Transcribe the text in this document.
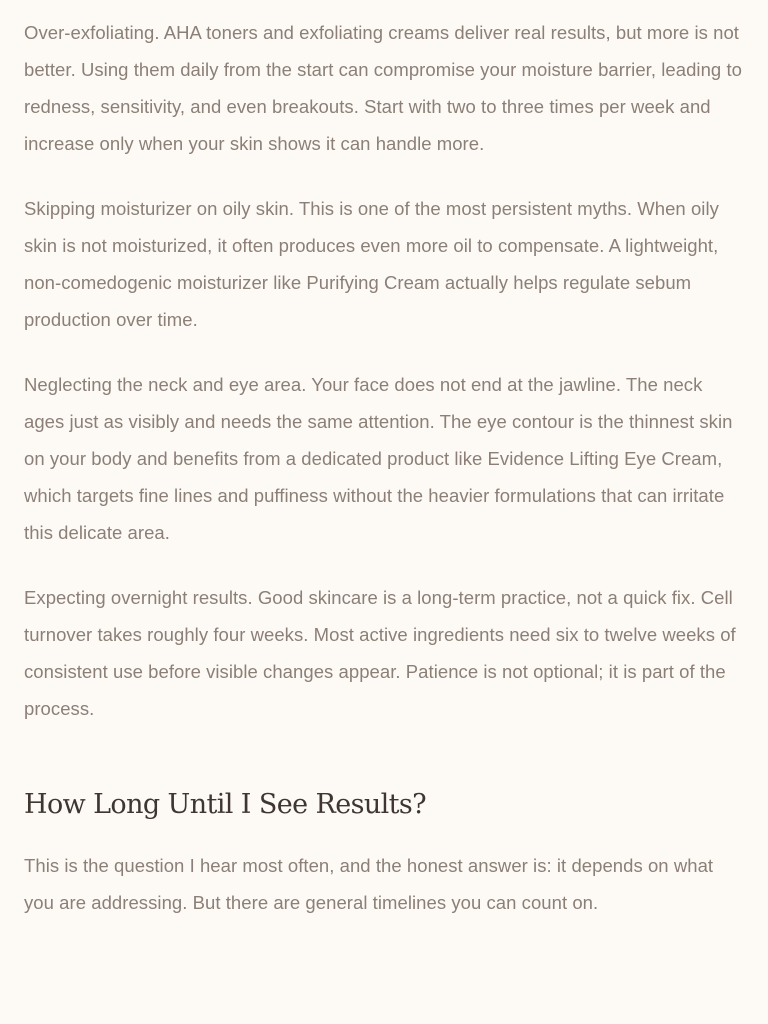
Over-exfoliating. AHA toners and exfoliating creams deliver real results, but more is not better. Using them daily from the start can compromise your moisture barrier, leading to redness, sensitivity, and even breakouts. Start with two to three times per week and increase only when your skin shows it can handle more.

Skipping moisturizer on oily skin. This is one of the most persistent myths. When oily skin is not moisturized, it often produces even more oil to compensate. A lightweight, non-comedogenic moisturizer like Purifying Cream actually helps regulate sebum production over time.

Neglecting the neck and eye area. Your face does not end at the jawline. The neck ages just as visibly and needs the same attention. The eye contour is the thinnest skin on your body and benefits from a dedicated product like Evidence Lifting Eye Cream, which targets fine lines and puffiness without the heavier formulations that can irritate this delicate area.

Expecting overnight results. Good skincare is a long-term practice, not a quick fix. Cell turnover takes roughly four weeks. Most active ingredients need six to twelve weeks of consistent use before visible changes appear. Patience is not optional; it is part of the process.

How Long Until I See Results?

This is the question I hear most often, and the honest answer is: it depends on what you are addressing. But there are general timelines you can count on.
